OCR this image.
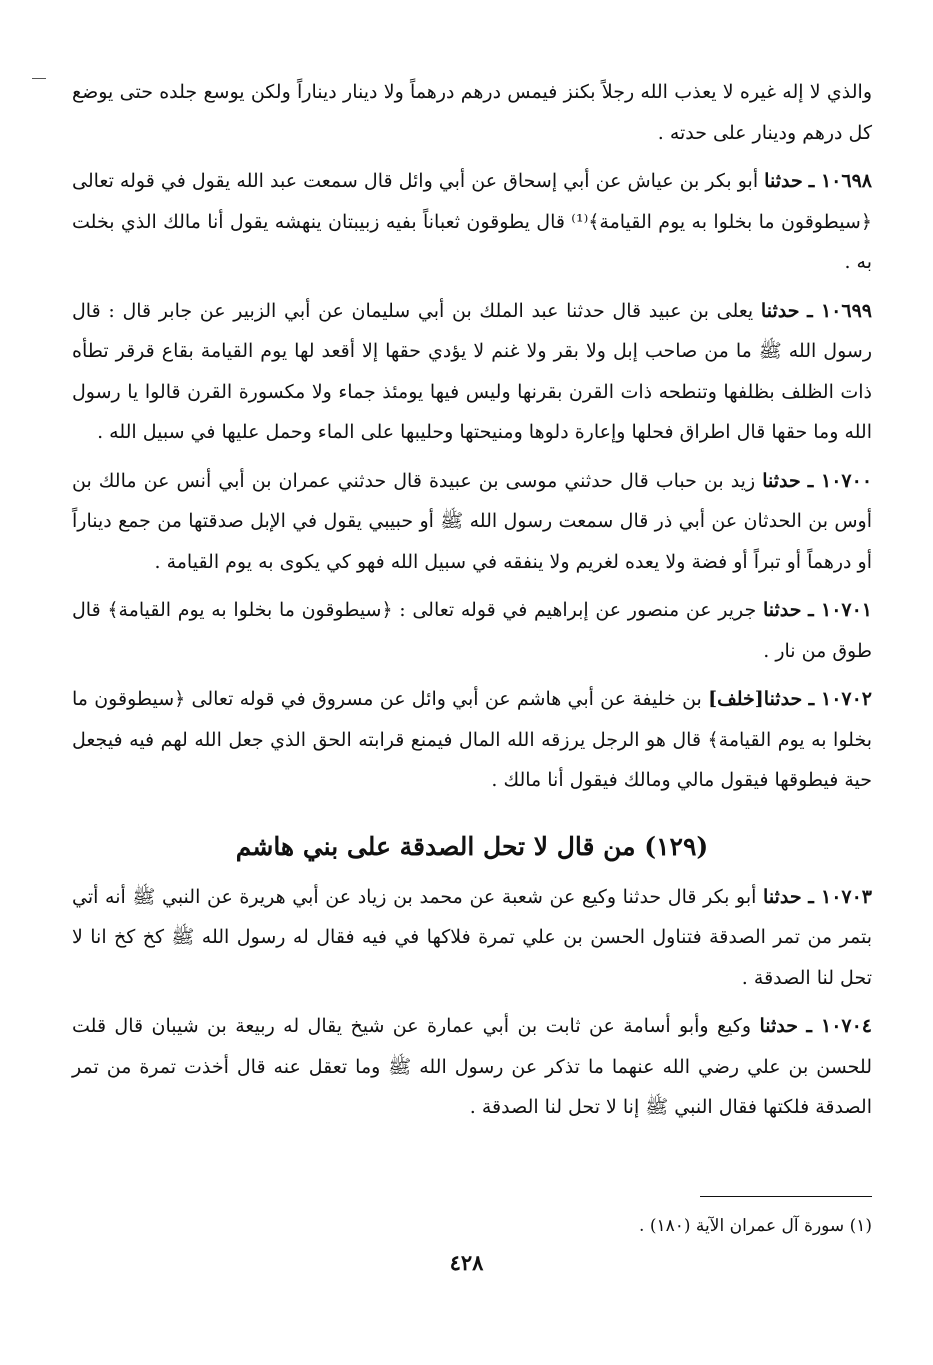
والذي لا إله غيره لا يعذب الله رجلاً بكنز فيمس درهم درهماً ولا دينار ديناراً ولكن يوسع جلده حتى يوضع كل درهم ودينار على حدته .

١٠٦٩٨ ـ حدثنا أبو بكر بن عياش عن أبي إسحاق عن أبي وائل قال سمعت عبد الله يقول في قوله تعالى ﴿سيطوقون ما بخلوا به يوم القيامة﴾⁽¹⁾ قال يطوقون ثعباناً بفيه زبيبتان ينهشه يقول أنا مالك الذي بخلت به .

١٠٦٩٩ ـ حدثنا يعلى بن عبيد قال حدثنا عبد الملك بن أبي سليمان عن أبي الزبير عن جابر قال : قال رسول الله ﷺ ما من صاحب إبل ولا بقر ولا غنم لا يؤدي حقها إلا أقعد لها يوم القيامة بقاع قرقر تطأه ذات الظلف بظلفها وتنطحه ذات القرن بقرنها وليس فيها يومئذ جماء ولا مكسورة القرن قالوا يا رسول الله وما حقها قال اطراق فحلها وإعارة دلوها ومنيحتها وحليبها على الماء وحمل عليها في سبيل الله .

١٠٧٠٠ ـ حدثنا زيد بن حباب قال حدثني موسى بن عبيدة قال حدثني عمران بن أبي أنس عن مالك بن أوس بن الحدثان عن أبي ذر قال سمعت رسول الله ﷺ أو حبيبي يقول في الإبل صدقتها من جمع ديناراً أو درهماً أو تبراً أو فضة ولا يعده لغريم ولا ينفقه في سبيل الله فهو كي يكوى به يوم القيامة .

١٠٧٠١ ـ حدثنا جرير عن منصور عن إبراهيم في قوله تعالى : ﴿سيطوقون ما بخلوا به يوم القيامة﴾ قال طوق من نار .

١٠٧٠٢ ـ حدثنا[خلف] بن خليفة عن أبي هاشم عن أبي وائل عن مسروق في قوله تعالى ﴿سيطوقون ما بخلوا به يوم القيامة﴾ قال هو الرجل يرزقه الله المال فيمنع قرابته الحق الذي جعل الله لهم فيه فيجعل حية فيطوقها فيقول مالي ومالك فيقول أنا مالك .

(١٢٩) من قال لا تحل الصدقة على بني هاشم

١٠٧٠٣ ـ حدثنا أبو بكر قال حدثنا وكيع عن شعبة عن محمد بن زياد عن أبي هريرة عن النبي ﷺ أنه أتي بتمر من تمر الصدقة فتناول الحسن بن علي تمرة فلاكها في فيه فقال له رسول الله ﷺ كخ كخ انا لا تحل لنا الصدقة .

١٠٧٠٤ ـ حدثنا وكيع وأبو أسامة عن ثابت بن أبي عمارة عن شيخ يقال له ربيعة بن شيبان قال قلت للحسن بن علي رضي الله عنهما ما تذكر عن رسول الله ﷺ وما تعقل عنه قال أخذت تمرة من تمر الصدقة فلكتها فقال النبي ﷺ إنا لا تحل لنا الصدقة .

(١) سورة آل عمران الآية (١٨٠) .
٤٢٨
